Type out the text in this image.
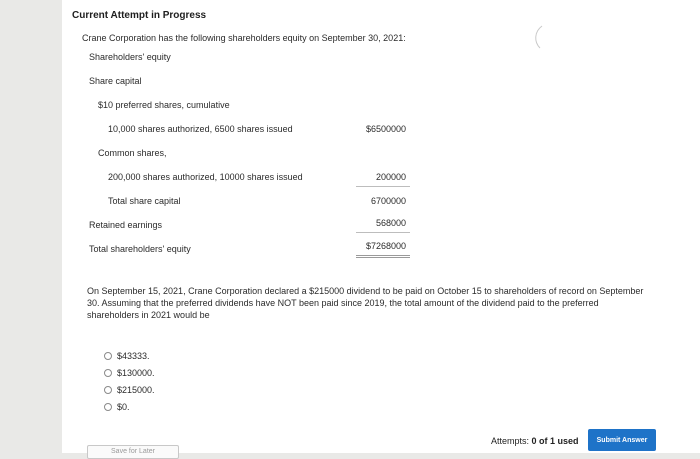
Current Attempt in Progress
Crane Corporation has the following shareholders equity on September 30, 2021:
Shareholders' equity
Share capital
$10 preferred shares, cumulative
10,000 shares authorized, 6500 shares issued	$6500000
Common shares,
200,000 shares authorized, 10000 shares issued	200000
Total share capital	6700000
Retained earnings	568000
Total shareholders' equity	$7268000
On September 15, 2021, Crane Corporation declared a $215000 dividend to be paid on October 15 to shareholders of record on September 30. Assuming that the preferred dividends have NOT been paid since 2019, the total amount of the dividend paid to the preferred shareholders in 2021 would be
$43333.
$130000.
$215000.
$0.
Save for Later
Attempts: 0 of 1 used	Submit Answer
